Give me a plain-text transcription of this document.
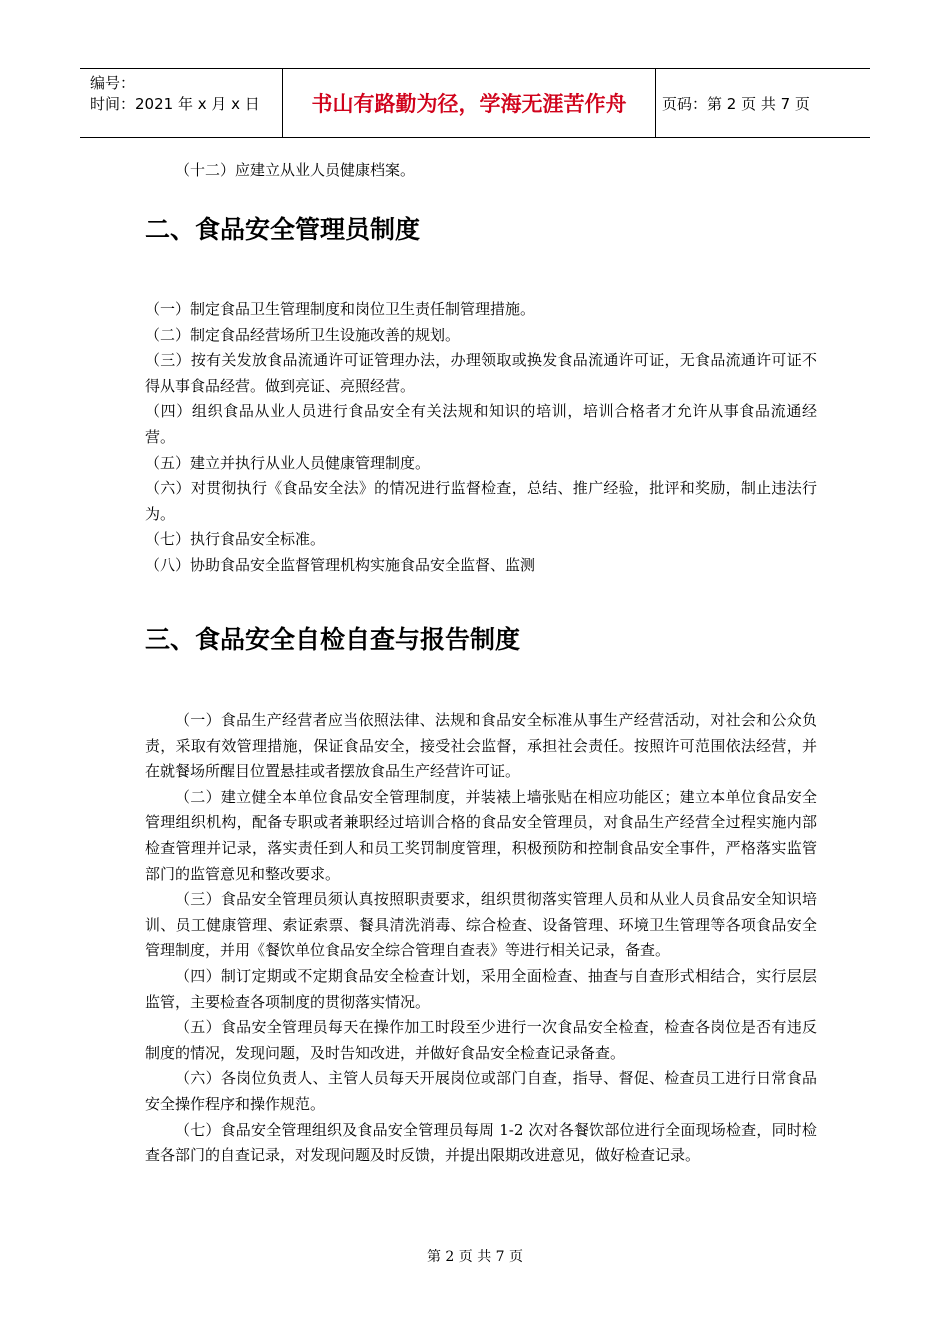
编号：
时间：2021 年 x 月 x 日	书山有路勤为径，学海无涯苦作舟	页码：第 2 页 共 7 页

（十二）应建立从业人员健康档案。

二、食品安全管理员制度

（一）制定食品卫生管理制度和岗位卫生责任制管理措施。

（二）制定食品经营场所卫生设施改善的规划。

（三）按有关发放食品流通许可证管理办法，办理领取或换发食品流通许可证，无食品流通许可证不得从事食品经营。做到亮证、亮照经营。

（四）组织食品从业人员进行食品安全有关法规和知识的培训，培训合格者才允许从事食品流通经营。

（五）建立并执行从业人员健康管理制度。

（六）对贯彻执行《食品安全法》的情况进行监督检查，总结、推广经验，批评和奖励，制止违法行为。

（七）执行食品安全标准。

（八）协助食品安全监督管理机构实施食品安全监督、监测

三、食品安全自检自查与报告制度

（一）食品生产经营者应当依照法律、法规和食品安全标准从事生产经营活动，对社会和公众负责，采取有效管理措施，保证食品安全，接受社会监督，承担社会责任。按照许可范围依法经营，并在就餐场所醒目位置悬挂或者摆放食品生产经营许可证。

（二）建立健全本单位食品安全管理制度，并装裱上墙张贴在相应功能区；建立本单位食品安全管理组织机构，配备专职或者兼职经过培训合格的食品安全管理员，对食品生产经营全过程实施内部检查管理并记录，落实责任到人和员工奖罚制度管理，积极预防和控制食品安全事件，严格落实监管部门的监管意见和整改要求。

（三）食品安全管理员须认真按照职责要求，组织贯彻落实管理人员和从业人员食品安全知识培训、员工健康管理、索证索票、餐具清洗消毒、综合检查、设备管理、环境卫生管理等各项食品安全管理制度，并用《餐饮单位食品安全综合管理自查表》等进行相关记录，备查。

（四）制订定期或不定期食品安全检查计划，采用全面检查、抽查与自查形式相结合，实行层层监管，主要检查各项制度的贯彻落实情况。

（五）食品安全管理员每天在操作加工时段至少进行一次食品安全检查，检查各岗位是否有违反制度的情况，发现问题，及时告知改进，并做好食品安全检查记录备查。

（六）各岗位负责人、主管人员每天开展岗位或部门自查，指导、督促、检查员工进行日常食品安全操作程序和操作规范。

（七）食品安全管理组织及食品安全管理员每周 1-2 次对各餐饮部位进行全面现场检查，同时检查各部门的自查记录，对发现问题及时反馈，并提出限期改进意见，做好检查记录。

第 2 页 共 7 页
